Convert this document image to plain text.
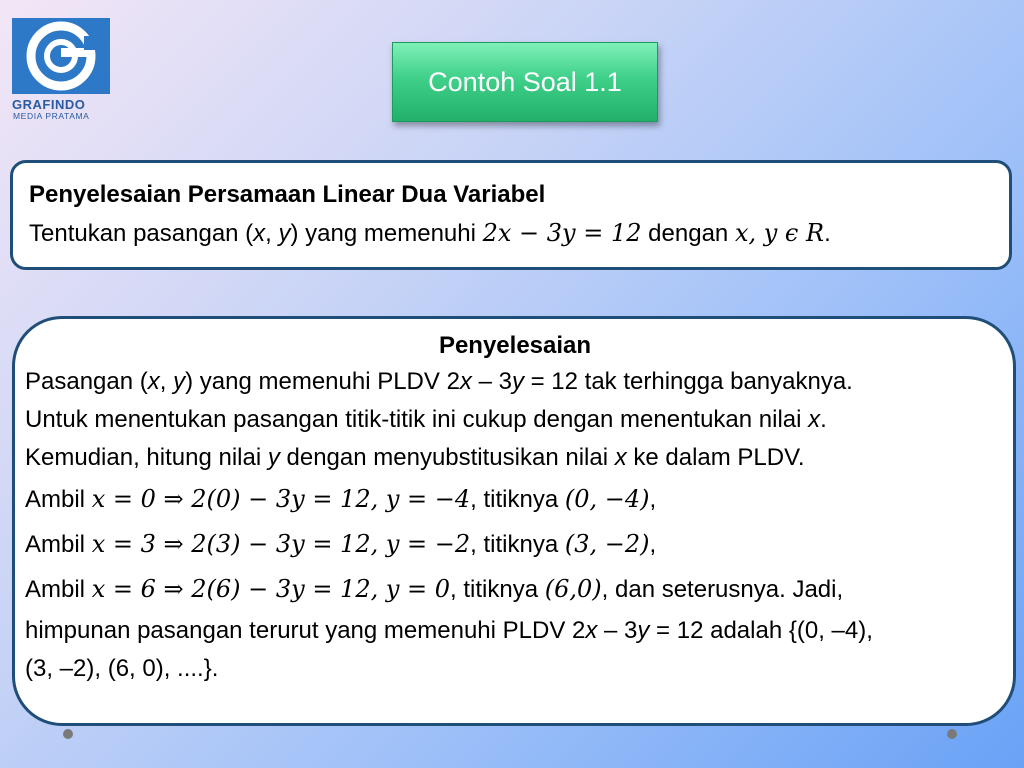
GRAFINDO
MEDIA PRATAMA
Contoh Soal 1.1
Penyelesaian Persamaan Linear Dua Variabel
Tentukan pasangan (x, y) yang memenuhi 2x − 3y = 12 dengan x, y ϵ R.
Penyelesaian

Pasangan (x, y) yang memenuhi PLDV 2x – 3y = 12 tak terhingga banyaknya.

Untuk menentukan pasangan titik-titik ini cukup dengan menentukan nilai x.

Kemudian, hitung nilai y dengan menyubstitusikan nilai x ke dalam PLDV.

Ambil x = 0 ⇒ 2(0) − 3y = 12, y = −4, titiknya (0, −4),

Ambil x = 3 ⇒ 2(3) − 3y = 12, y = −2, titiknya (3, −2),

Ambil x = 6 ⇒ 2(6) − 3y = 12, y = 0, titiknya (6,0), dan seterusnya. Jadi,

himpunan pasangan terurut yang memenuhi PLDV 2x – 3y = 12 adalah {(0, –4),

(3, –2), (6, 0), ....}.
